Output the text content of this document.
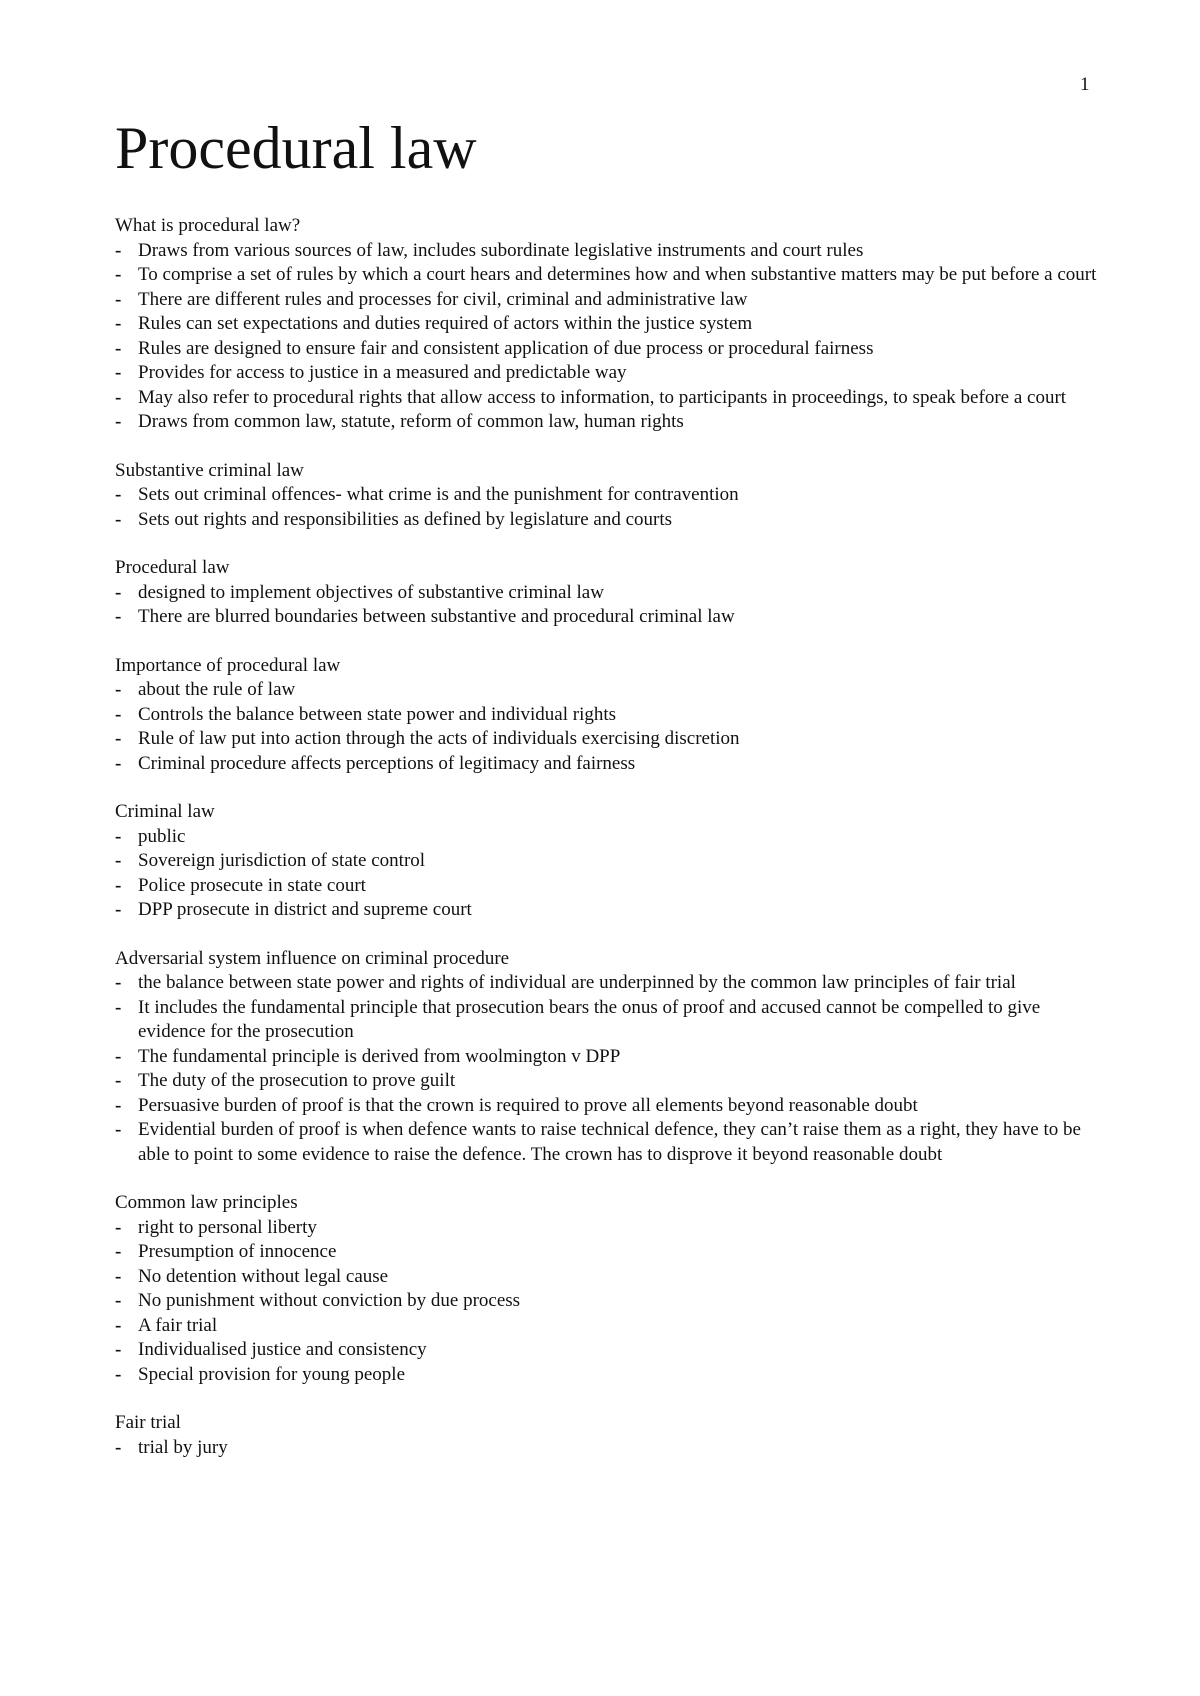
1
Procedural law
What is procedural law?
- Draws from various sources of law, includes subordinate legislative instruments and court rules
- To comprise a set of rules by which a court hears and determines how and when substantive matters may be put before a court
- There are different rules and processes for civil, criminal and administrative law
- Rules can set expectations and duties required of actors within the justice system
- Rules are designed to ensure fair and consistent application of due process or procedural fairness
- Provides for access to justice in a measured and predictable way
- May also refer to procedural rights that allow access to information, to participants in proceedings, to speak before a court
- Draws from common law, statute, reform of common law, human rights
Substantive criminal law
- Sets out criminal offences- what crime is and the punishment for contravention
- Sets out rights and responsibilities as defined by legislature and courts
Procedural law
- designed to implement objectives of substantive criminal law
- There are blurred boundaries between substantive and procedural criminal law
Importance of procedural law
- about the rule of law
- Controls the balance between state power and individual rights
- Rule of law put into action through the acts of individuals exercising discretion
- Criminal procedure affects perceptions of legitimacy and fairness
Criminal law
- public
- Sovereign jurisdiction of state control
- Police prosecute in state court
- DPP prosecute in district and supreme court
Adversarial system influence on criminal procedure
- the balance between state power and rights of individual are underpinned by the common law principles of fair trial
- It includes the fundamental principle that prosecution bears the onus of proof and accused cannot be compelled to give evidence for the prosecution
- The fundamental principle is derived from woolmington v DPP
- The duty of the prosecution to prove guilt
- Persuasive burden of proof is that the crown is required to prove all elements beyond reasonable doubt
- Evidential burden of proof is when defence wants to raise technical defence, they can’t raise them as a right, they have to be able to point to some evidence to raise the defence. The crown has to disprove it beyond reasonable doubt
Common law principles
- right to personal liberty
- Presumption of innocence
- No detention without legal cause
- No punishment without conviction by due process
- A fair trial
- Individualised justice and consistency
- Special provision for young people
Fair trial
- trial by jury
